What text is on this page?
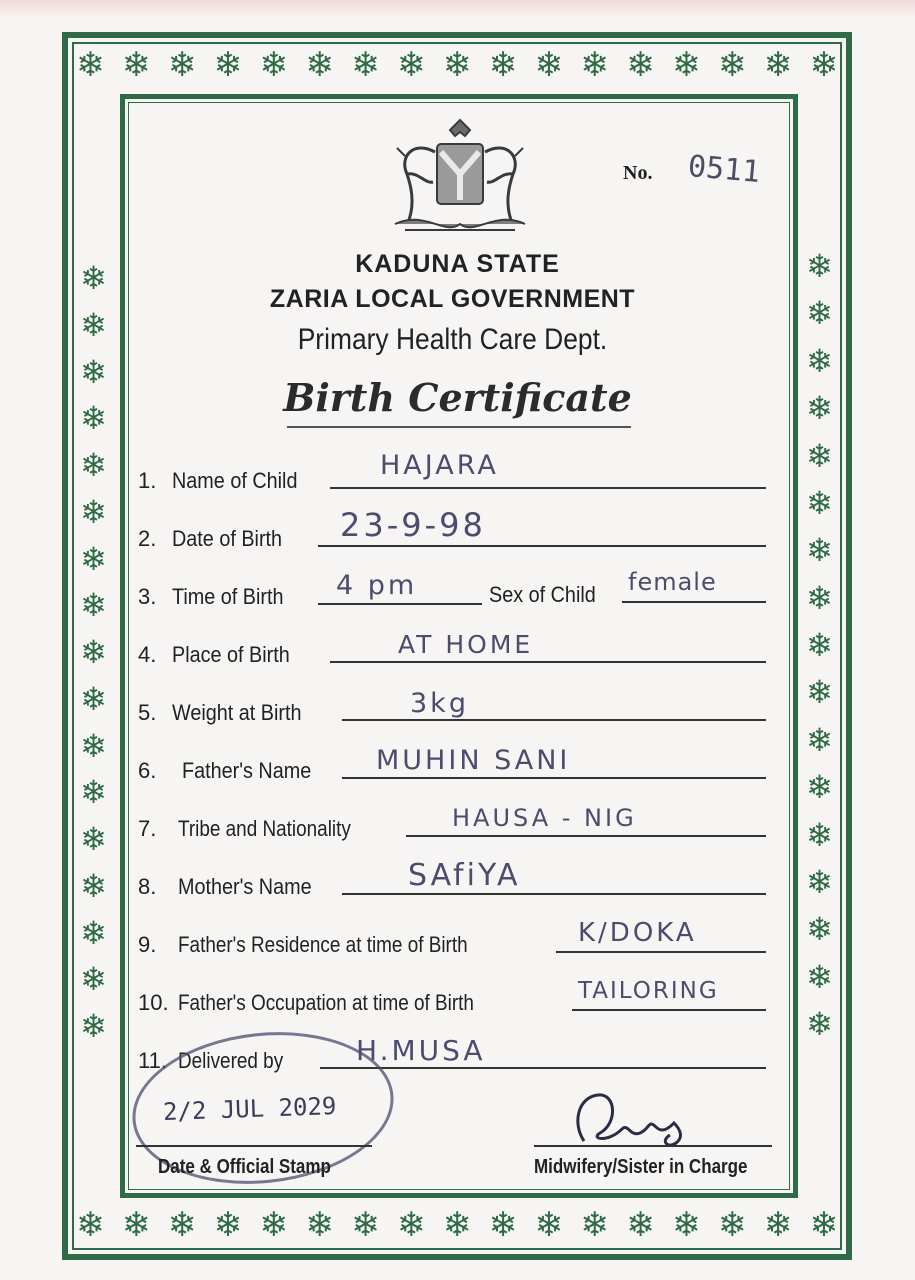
❄ ❄ ❄ ❄ ❄ ❄ ❄ ❄ ❄ ❄ ❄ ❄ ❄ ❄ ❄ ❄ ❄
❄ ❄ ❄ ❄ ❄ ❄ ❄ ❄ ❄ ❄ ❄ ❄ ❄ ❄ ❄ ❄ ❄
❄
❄
❄
❄
❄
❄
❄
❄
❄
❄
❄
❄
❄
❄
❄
❄
❄
❄
❄
❄
❄
❄
❄
❄
❄
❄
❄
❄
❄
❄
❄
❄
❄
❄
No. 0511
KADUNA STATE
ZARIA LOCAL GOVERNMENT
Primary Health Care Dept.
Birth Certificate
1. Name of Child	HAJARA
2. Date of Birth 23-9-98
3. Time of Birth 4 pm	Sex of Child female
4. Place of Birth	AT HOME
5. Weight at Birth	3kg
6.	Father's Name MUHIN SANI
7. Tribe and Nationality	HAUSA - NIG
8. Mother's Name	SAfiYA
9. Father's Residence at time of Birth	K/DOKA
10. Father's Occupation at time of Birth	TAILORING
11. Delivered by	H.MUSA
2/2 JUL 2029
Date & Official Stamp	Midwifery/Sister in Charge
